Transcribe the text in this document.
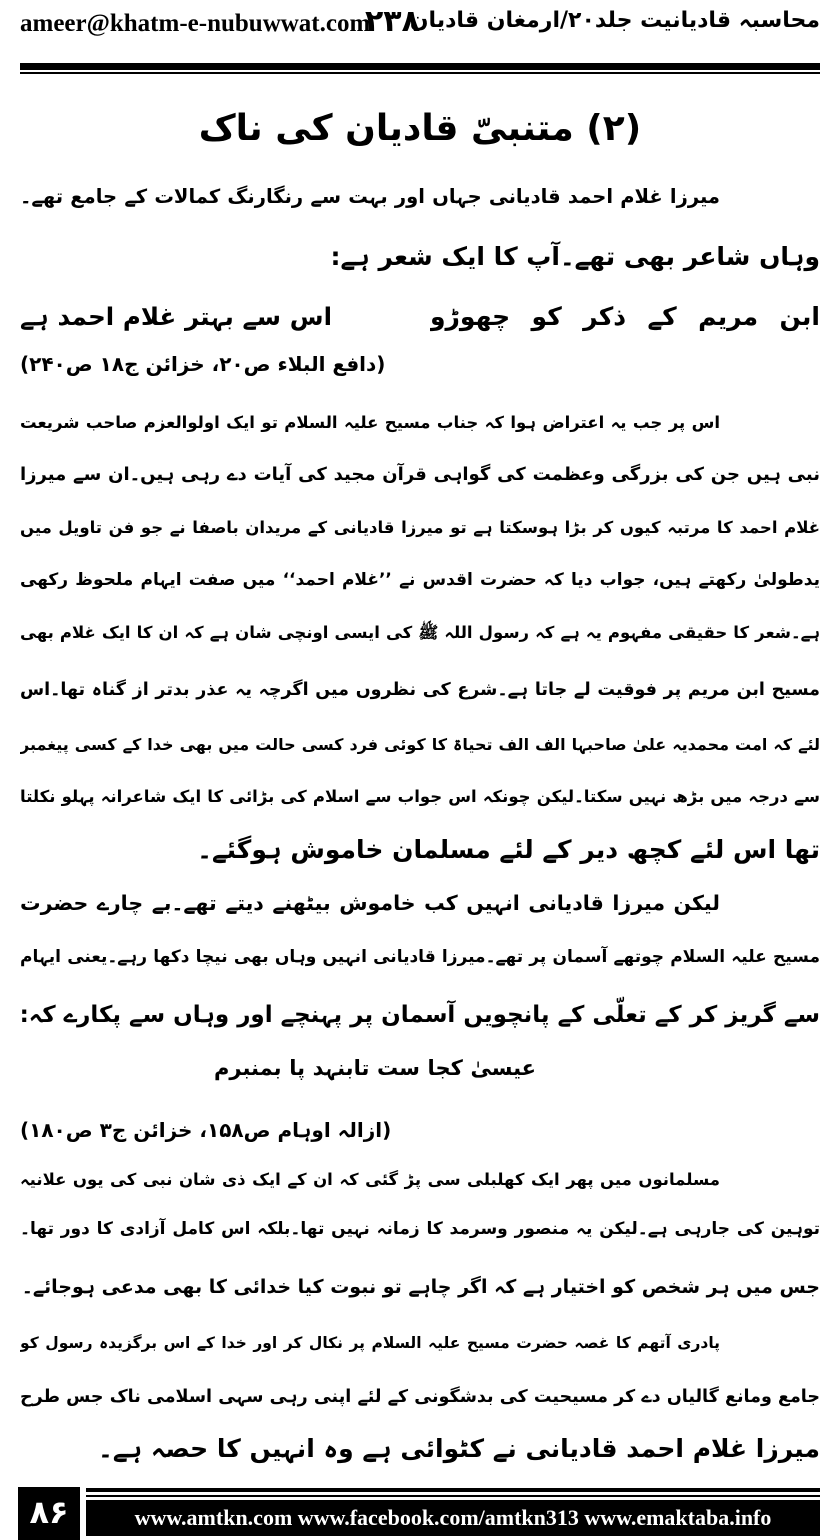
ameer@khatm-e-nubuwwat.com
۲۳۸
محاسبہ قادیانیت جلد۲۰/ارمغان قادیان
(۲) متنبیّ قادیان کی ناک
میرزا غلام احمد قادیانی جہاں اور بہت سے رنگارنگ کمالات کے جامع تھے۔
وہاں شاعر بھی تھے۔آپ کا ایک شعر ہے:
ابن مریم کے ذکر کو چھوڑو
اس سے بہتر غلام احمد ہے
(دافع البلاء ص۲۰، خزائن ج۱۸ ص۲۴۰)
اس پر جب یہ اعتراض ہوا کہ جناب مسیح علیہ السلام تو ایک اولوالعزم صاحب شریعت
نبی ہیں جن کی بزرگی وعظمت کی گواہی قرآن مجید کی آیات دے رہی ہیں۔ان سے میرزا
غلام احمد کا مرتبہ کیوں کر بڑا ہوسکتا ہے تو میرزا قادیانی کے مریدان باصفا نے جو فن تاویل میں
یدطولیٰ رکھتے ہیں، جواب دیا کہ حضرت اقدس نے ’’غلام احمد‘‘ میں صفت ایہام ملحوظ رکھی
ہے۔شعر کا حقیقی مفہوم یہ ہے کہ رسول اللہ ﷺ کی ایسی اونچی شان ہے کہ ان کا ایک غلام بھی
مسیح ابن مریم پر فوقیت لے جاتا ہے۔شرع کی نظروں میں اگرچہ یہ عذر بدتر از گناہ تھا۔اس
لئے کہ امت محمدیہ علیٰ صاحبہا الف الف تحیاۃ کا کوئی فرد کسی حالت میں بھی خدا کے کسی پیغمبر
سے درجہ میں بڑھ نہیں سکتا۔لیکن چونکہ اس جواب سے اسلام کی بڑائی کا ایک شاعرانہ پہلو نکلتا
تھا اس لئے کچھ دیر کے لئے مسلمان خاموش ہوگئے۔
لیکن میرزا قادیانی انہیں کب خاموش بیٹھنے دیتے تھے۔بے چارے حضرت
مسیح علیہ السلام چوتھے آسمان پر تھے۔میرزا قادیانی انہیں وہاں بھی نیچا دکھا رہے۔یعنی ایہام
سے گریز کر کے تعلّی کے پانچویں آسمان پر پہنچے اور وہاں سے پکارے کہ:
عیسیٰ کجا ست تابنہد پا بمنبرم
(ازالہ اوہام ص۱۵۸، خزائن ج۳ ص۱۸۰)
مسلمانوں میں پھر ایک کھلبلی سی پڑ گئی کہ ان کے ایک ذی شان نبی کی یوں علانیہ
توہین کی جارہی ہے۔لیکن یہ منصور وسرمد کا زمانہ نہیں تھا۔بلکہ اس کامل آزادی کا دور تھا۔
جس میں ہر شخص کو اختیار ہے کہ اگر چاہے تو نبوت کیا خدائی کا بھی مدعی ہوجائے۔
پادری آتھم کا غصہ حضرت مسیح علیہ السلام پر نکال کر اور خدا کے اس برگزیدہ رسول کو
جامع ومانع گالیاں دے کر مسیحیت کی بدشگونی کے لئے اپنی رہی سہی اسلامی ناک جس طرح
میرزا غلام احمد قادیانی نے کٹوائی ہے وہ انہیں کا حصہ ہے۔
۸۶	www.amtkn.com www.facebook.com/amtkn313 www.emaktaba.info
